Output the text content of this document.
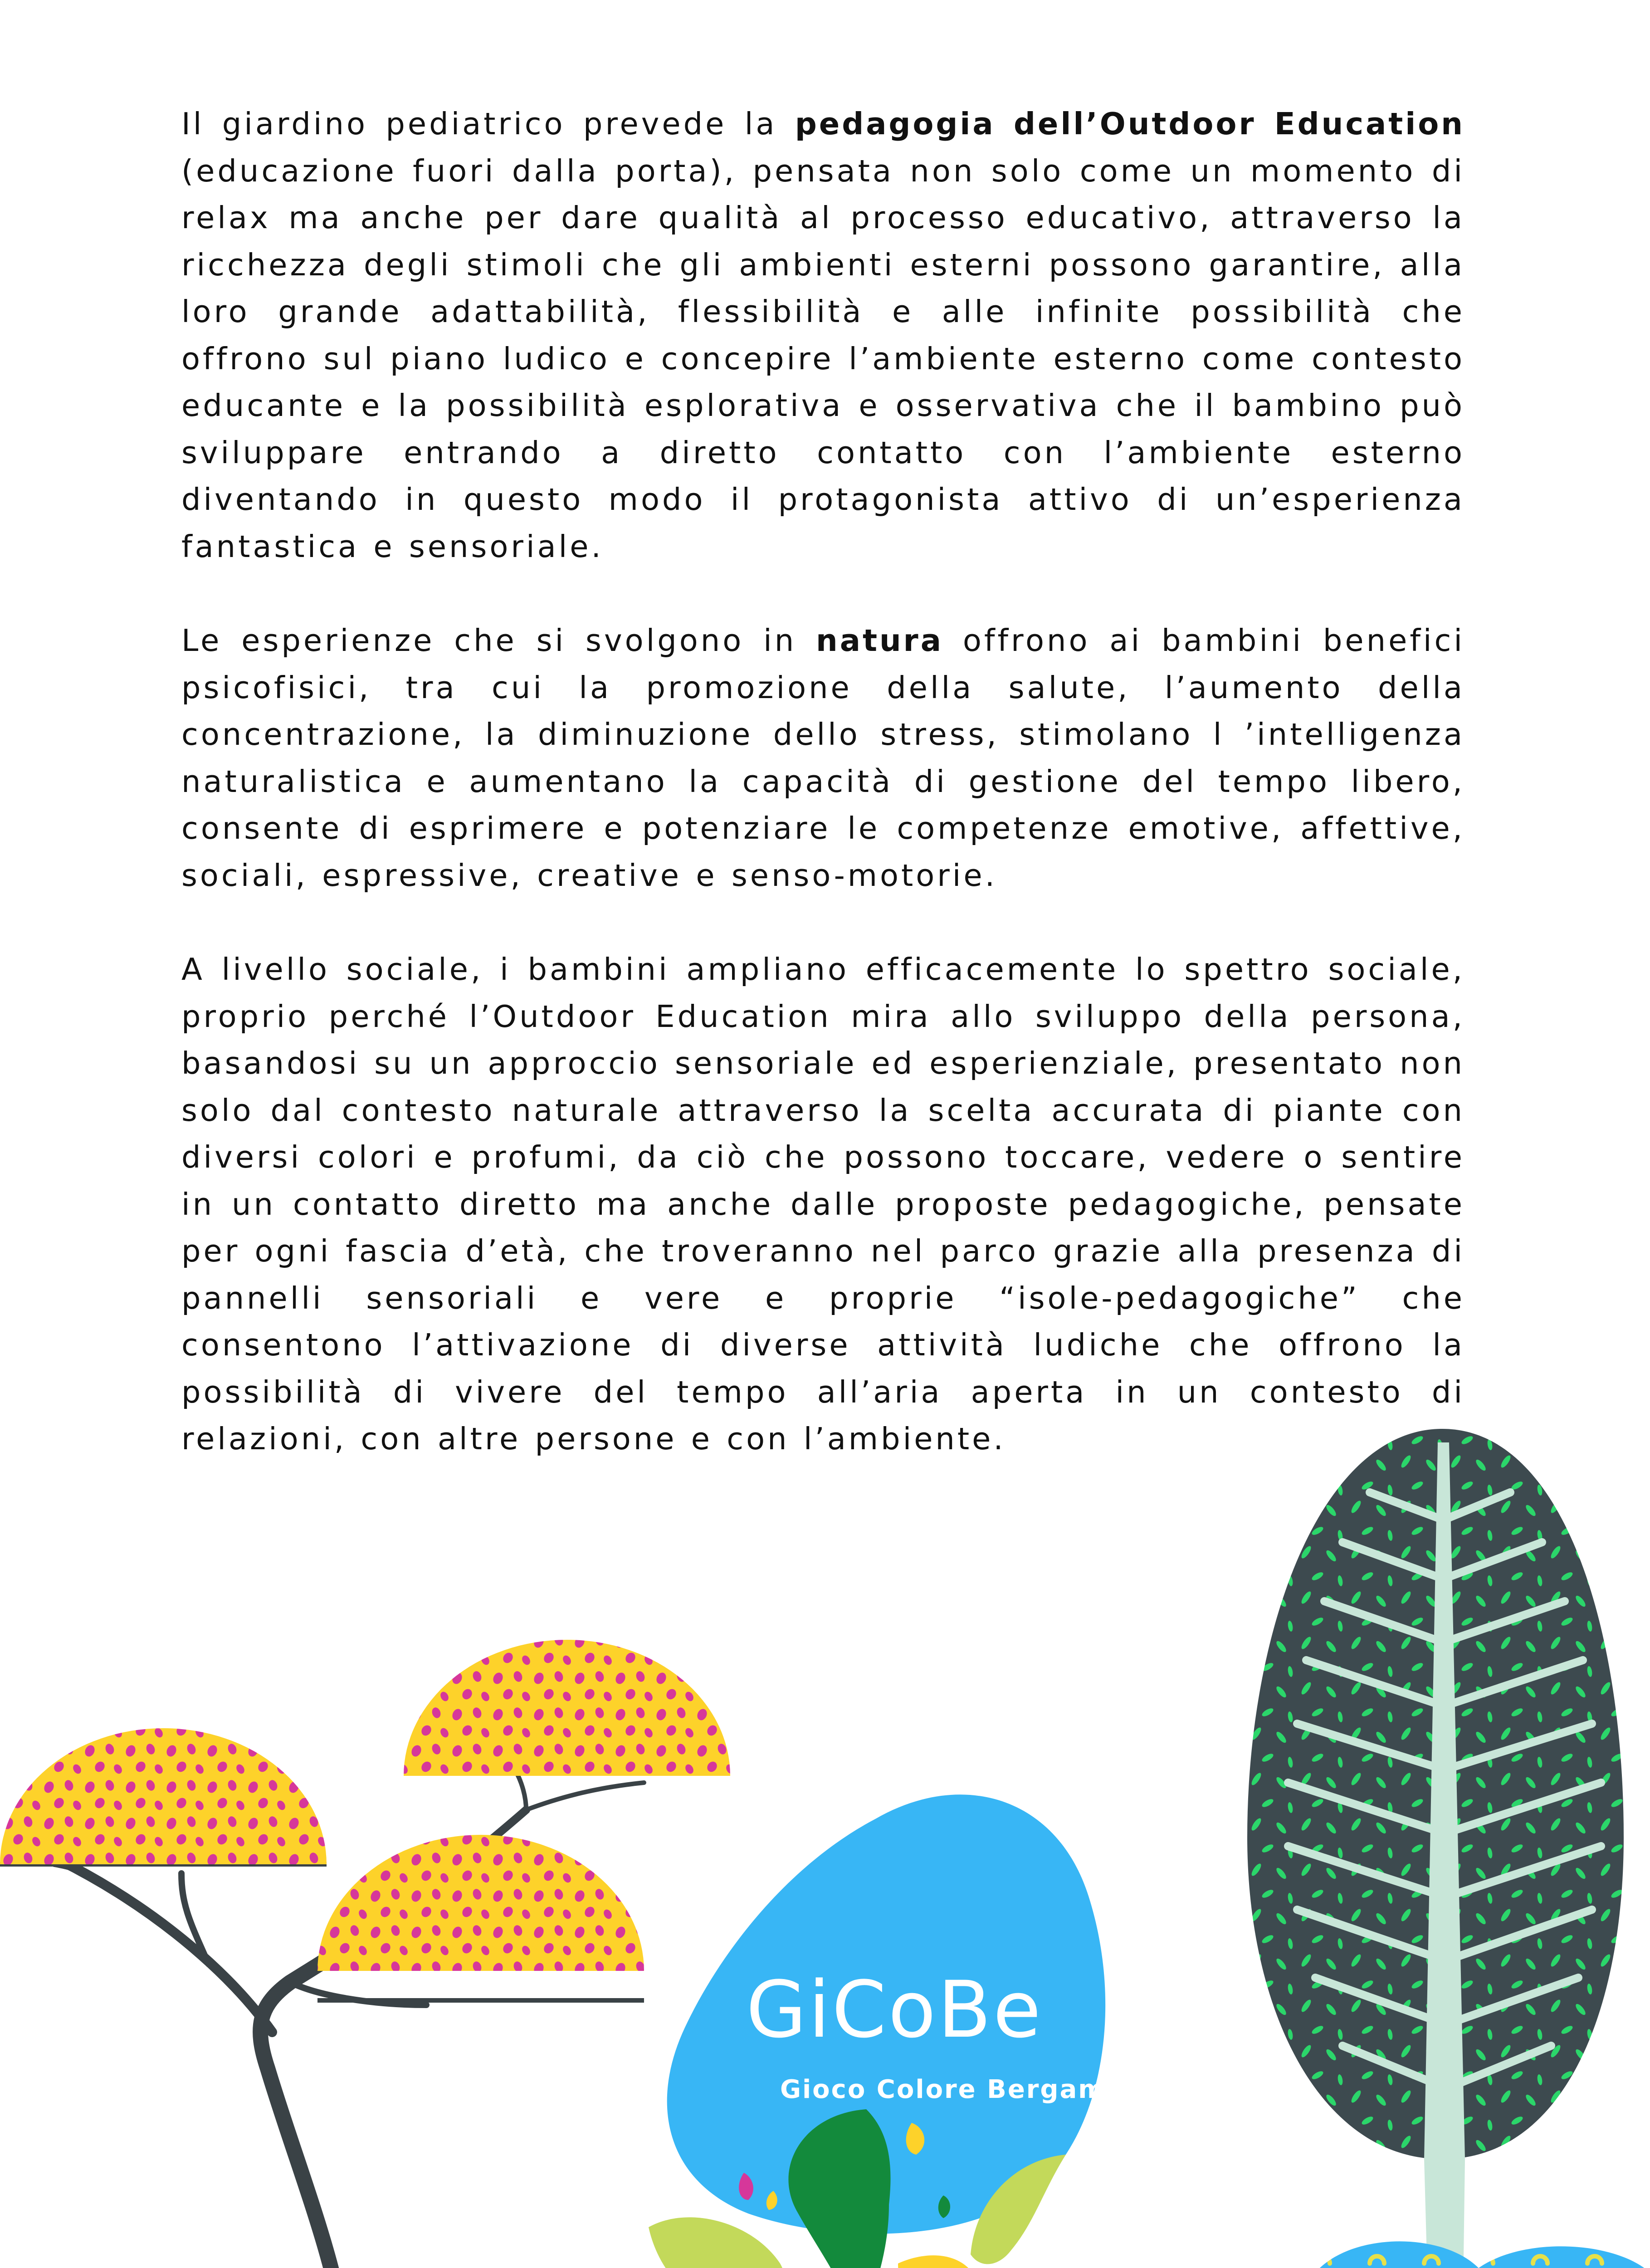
Il giardino pediatrico prevede la pedagogia dell’Outdoor Education (educazione fuori dalla porta), pensata non solo come un momento di relax ma anche per dare qualità al processo educativo, attraverso la ricchezza degli stimoli che gli ambienti esterni possono garantire, alla loro grande adattabilità, flessibilità e alle infinite possibilità che offrono sul piano ludico e concepire l’ambiente esterno come contesto educante e la possibilità esplorativa e osservativa che il bambino può sviluppare entrando a diretto contatto con l’ambiente esterno diventando in questo modo il protagonista attivo di un’esperienza fantastica e sensoriale.

Le esperienze che si svolgono in natura offrono ai bambini benefici psicofisici, tra cui la promozione della salute, l’aumento della concentrazione, la diminuzione dello stress, stimolano l ’intelligenza naturalistica e aumentano la capacità di gestione del tempo libero, consente di esprimere e potenziare le competenze emotive, affettive, sociali, espressive, creative e senso-motorie.

A livello sociale, i bambini ampliano efficacemente lo spettro sociale, proprio perché l’Outdoor Education mira allo sviluppo della persona, basandosi su un approccio sensoriale ed esperienziale, presentato non solo dal contesto naturale attraverso la scelta accurata di piante con diversi colori e profumi, da ciò che possono toccare, vedere o sentire in un contatto diretto ma anche dalle proposte pedagogiche, pensate per ogni fascia d’età, che troveranno nel parco grazie alla presenza di pannelli sensoriali e vere e proprie “isole-pedagogiche” che consentono l’attivazione di diverse attività ludiche che offrono la possibilità di vivere del tempo all’aria aperta in un contesto di relazioni, con altre persone e con l’ambiente.

GiCoBe
Gioco Colore Bergamo
